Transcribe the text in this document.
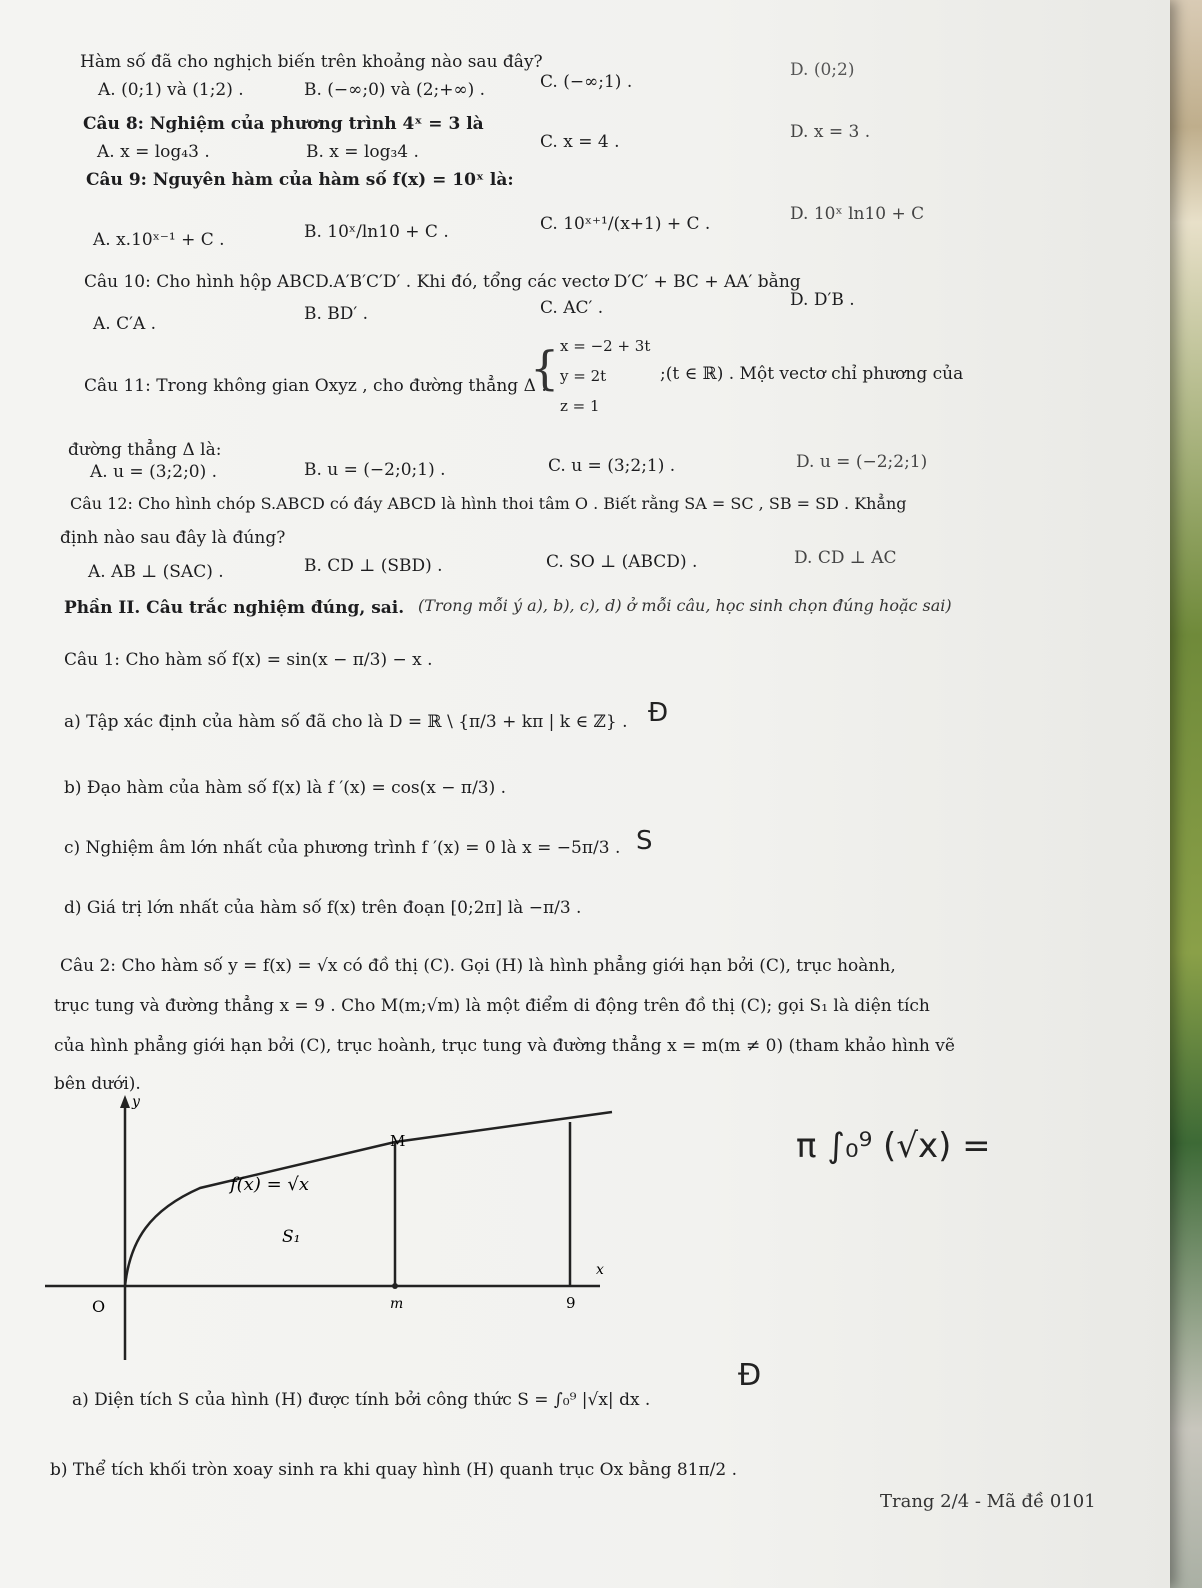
Hàm số đã cho nghịch biến trên khoảng nào sau đây?
A. (0;1) và (1;2) .	B. (−∞;0) và (2;+∞) .	C. (−∞;1) .
D. (0;2)
Câu 8: Nghiệm của phương trình 4ˣ = 3 là
A. x = log₄3 .	B. x = log₃4 .	C. x = 4 .	D. x = 3 .
Câu 9: Nguyên hàm của hàm số f(x) = 10ˣ là:
A. x.10ˣ⁻¹ + C .	B. 10ˣ/ln10 + C .	C. 10ˣ⁺¹/(x+1) + C .	D. 10ˣ ln10 + C
Câu 10: Cho hình hộp ABCD.A′B′C′D′ . Khi đó, tổng các vectơ D′C′ + BC + AA′ bằng
A. C′A .	B. BD′ .	C. AC′ .	D. D′B .
Câu 11: Trong không gian Oxyz , cho đường thẳng Δ :
{ x = −2 + 3t
y = 2t
z = 1
;(t ∈ ℝ) . Một vectơ chỉ phương của
đường thẳng Δ là:
A. u = (3;2;0) .	B. u = (−2;0;1) .	C. u = (3;2;1) .	D. u = (−2;2;1)
Câu 12: Cho hình chóp S.ABCD có đáy ABCD là hình thoi tâm O . Biết rằng SA = SC , SB = SD . Khẳng
định nào sau đây là đúng?
A. AB ⊥ (SAC) .	B. CD ⊥ (SBD) .	C. SO ⊥ (ABCD) .	D. CD ⊥ AC
Phần II. Câu trắc nghiệm đúng, sai. (Trong mỗi ý a), b), c), d) ở mỗi câu, học sinh chọn đúng hoặc sai)
Câu 1: Cho hàm số f(x) = sin(x − π/3) − x .
a) Tập xác định của hàm số đã cho là D = ℝ \ {π/3 + kπ | k ∈ ℤ} . Đ
b) Đạo hàm của hàm số f(x) là f ′(x) = cos(x − π/3) .
c) Nghiệm âm lớn nhất của phương trình f ′(x) = 0 là x = −5π/3 . S
d) Giá trị lớn nhất của hàm số f(x) trên đoạn [0;2π] là −π/3 .
Câu 2: Cho hàm số y = f(x) = √x có đồ thị (C). Gọi (H) là hình phẳng giới hạn bởi (C), trục hoành,
trục tung và đường thẳng x = 9 . Cho M(m;√m) là một điểm di động trên đồ thị (C); gọi S₁ là diện tích
của hình phẳng giới hạn bởi (C), trục hoành, trục tung và đường thẳng x = m(m ≠ 0) (tham khảo hình vẽ
bên dưới).
y
x
O
f(x) = √x
M
S₁
m	9
π ∫₀⁹ (√x) =
a) Diện tích S của hình (H) được tính bởi công thức S = ∫₀⁹ |√x| dx .
Đ
b) Thể tích khối tròn xoay sinh ra khi quay hình (H) quanh trục Ox bằng 81π/2 .
Trang 2/4 - Mã đề 0101
